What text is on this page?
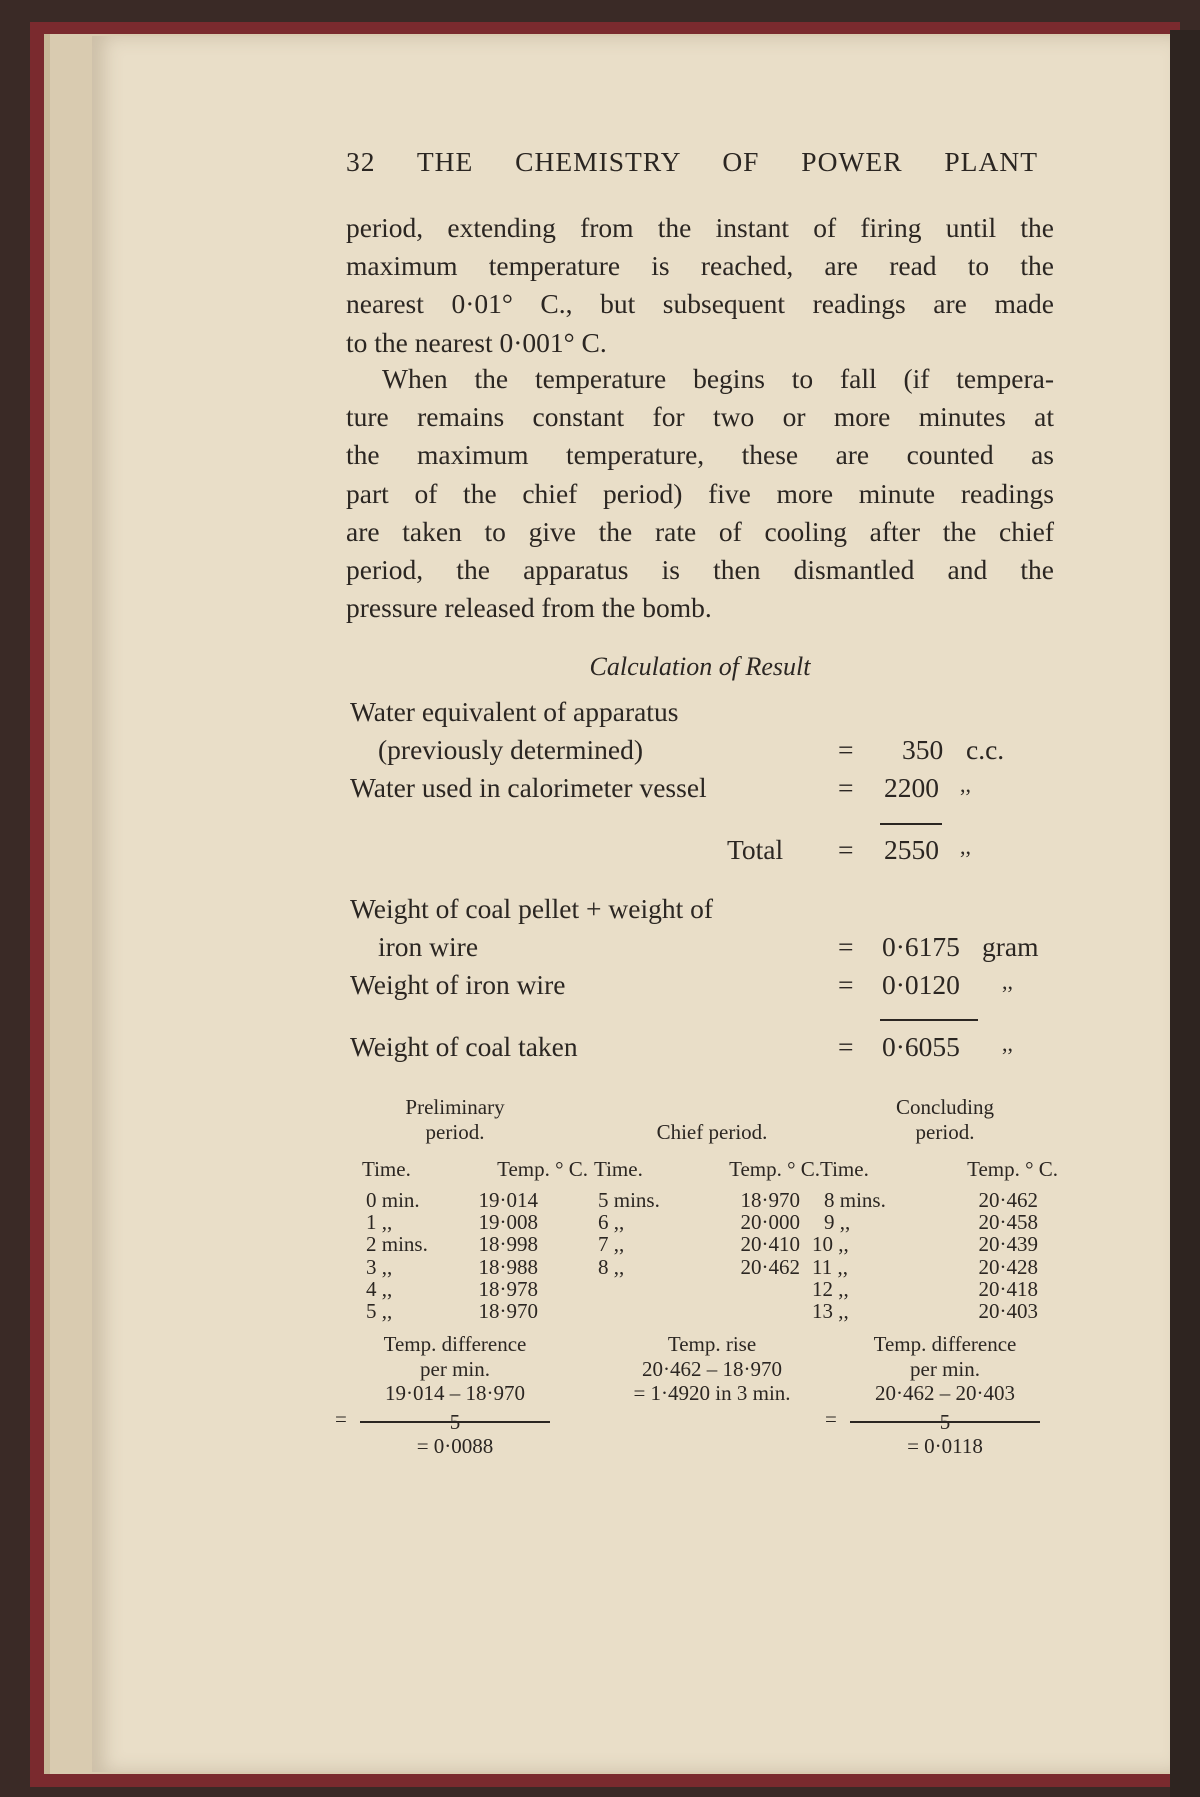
32 THE CHEMISTRY OF POWER PLANT
Calculation of Result
period, extending from the instant of firing until the
maximum temperature is reached, are read to the
nearest 0·01° C., but subsequent readings are made
to the nearest 0·001° C.
When the temperature begins to fall (if tempera-
ture remains constant for two or more minutes at
the maximum temperature, these are counted as
part of the chief period) five more minute readings
are taken to give the rate of cooling after the chief
period, the apparatus is then dismantled and the
pressure released from the bomb.
Water equivalent of apparatus
(previously determined)	= 350 c.c.
Water used in calorimeter vessel	= 2200 ,,
Total = 2550 ,,
Weight of coal pellet + weight of
iron wire	= 0·6175 gram
Weight of iron wire	= 0·0120 ,,
Weight of coal taken	= 0·6055 ,,
Preliminary
period.
Time.	Temp. ° C.
0 min.	19·014
1 ,,	19·008
2 mins.	18·998
3 ,,	18·988
4 ,,	18·978
5 ,,	18·970
Temp. difference
per min.
19·014 – 18·970
= 0·0088
=
Chief period.
Time.	Temp. ° C.
5 mins.	18·970
6 ,,	20·000
7 ,,	20·410
8 ,,	20·462
Temp. rise
20·462 – 18·970
= 1·4920 in 3 min.
Concluding
period.
Time.	Temp. ° C.
8 mins.	20·462
9 ,,	20·458
10 ,,	20·439
11 ,,	20·428
12 ,,	20·418
13 ,,	20·403
Temp. difference
per min.
20·462 – 20·403
= 0·0118
=
